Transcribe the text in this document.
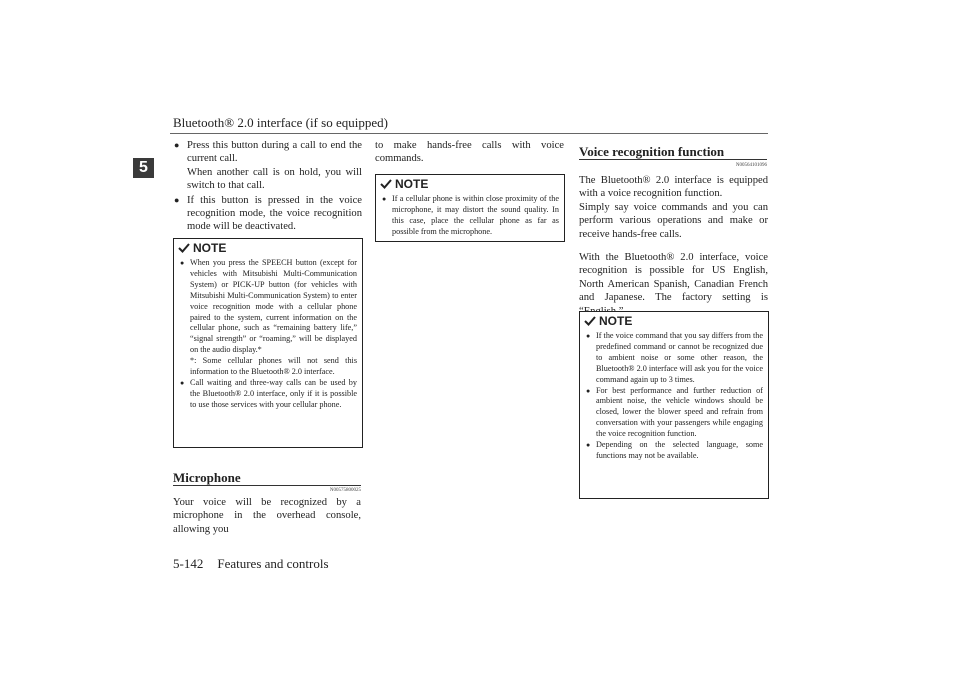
Bluetooth® 2.0 interface (if so equipped)
5
● Press this button during a call to end the current call.
When another call is on hold, you will switch to that call.
● If this button is pressed in the voice recognition mode, the voice recognition mode will be deactivated.
NOTE
● When you press the SPEECH button (except for vehicles with Mitsubishi Multi-Communication System) or PICK-UP button (for vehicles with Mitsubishi Multi-Communication System) to enter voice recognition mode with a cellular phone paired to the system, current information on the cellular phone, such as “remaining battery life,” “signal strength” or “roaming,” will be displayed on the audio display.*
*: Some cellular phones will not send this information to the Bluetooth® 2.0 interface.
● Call waiting and three-way calls can be used by the Bluetooth® 2.0 interface, only if it is possible to use those services with your cellular phone.
Microphone
N00575800025
Your voice will be recognized by a microphone in the overhead console, allowing you
to make hands-free calls with voice commands.
NOTE
● If a cellular phone is within close proximity of the microphone, it may distort the sound quality. In this case, place the cellular phone as far as possible from the microphone.
Voice recognition function
N00564101096
The Bluetooth® 2.0 interface is equipped with a voice recognition function.
Simply say voice commands and you can perform various operations and make or receive hands-free calls.
With the Bluetooth® 2.0 interface, voice recognition is possible for US English, North American Spanish, Canadian French and Japanese. The factory setting is
NOTE
● If the voice command that you say differs from the predefined command or cannot be recognized due to ambient noise or some other reason, the Bluetooth® 2.0 interface will ask you for the voice command again up to 3 times.
● For best performance and further reduction of ambient noise, the vehicle windows should be closed, lower the blower speed and refrain from conversation with your passengers while engaging the voice recognition function.
● Depending on the selected language, some functions may not be available.
5-142 Features and controls
